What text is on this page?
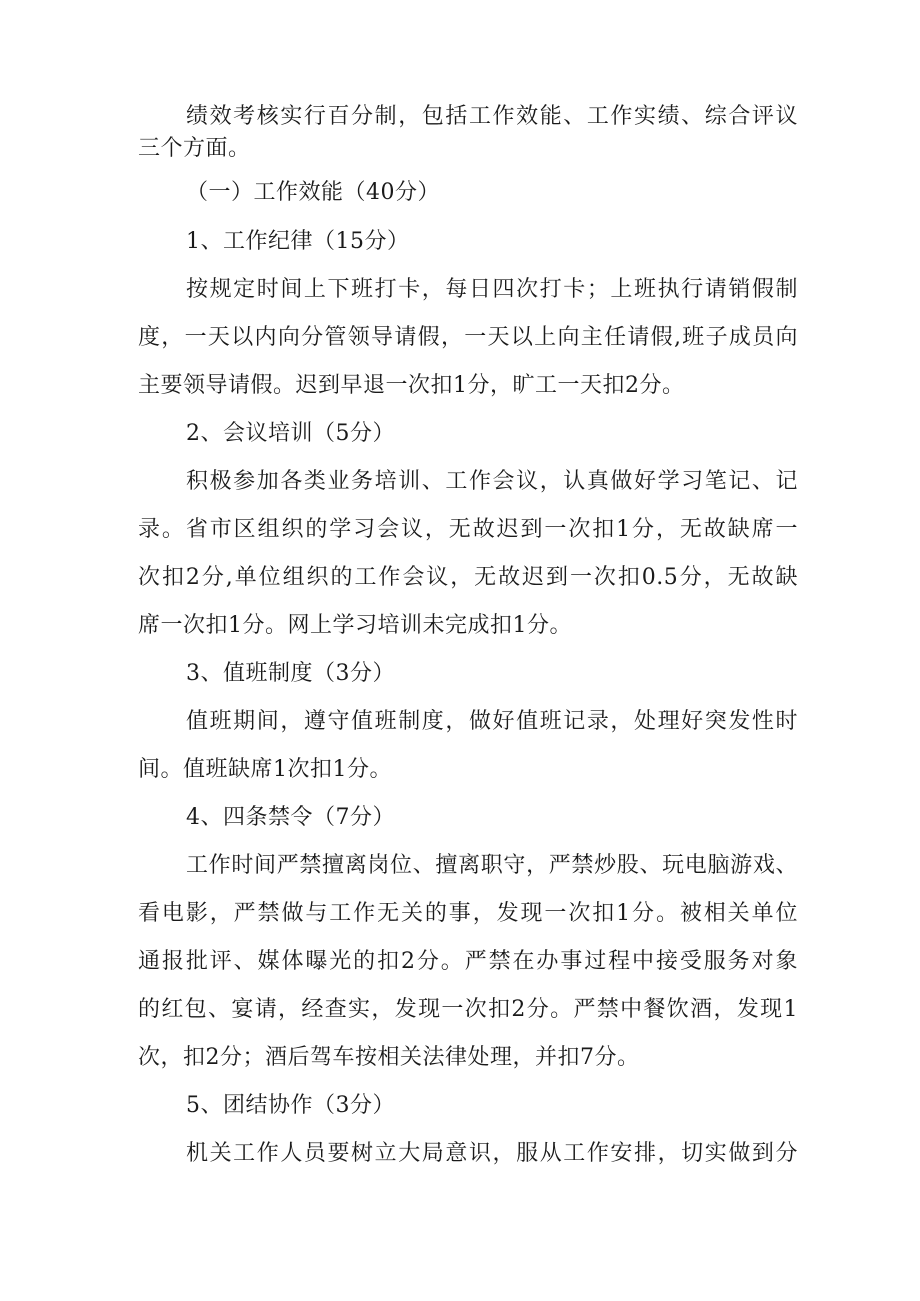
绩效考核实行百分制，包括工作效能、工作实绩、综合评议
三个方面。
（一）工作效能（40分）
1、工作纪律（15分）
按规定时间上下班打卡，每日四次打卡；上班执行请销假制
度，一天以内向分管领导请假，一天以上向主任请假,班子成员向
主要领导请假。迟到早退一次扣1分，旷工一天扣2分。
2、会议培训（5分）
积极参加各类业务培训、工作会议，认真做好学习笔记、记
录。省市区组织的学习会议，无故迟到一次扣1分，无故缺席一
次扣2分,单位组织的工作会议，无故迟到一次扣0.5分，无故缺
席一次扣1分。网上学习培训未完成扣1分。
3、值班制度（3分）
值班期间，遵守值班制度，做好值班记录，处理好突发性时
间。值班缺席1次扣1分。
4、四条禁令（7分）
工作时间严禁擅离岗位、擅离职守，严禁炒股、玩电脑游戏、
看电影，严禁做与工作无关的事，发现一次扣1分。被相关单位
通报批评、媒体曝光的扣2分。严禁在办事过程中接受服务对象
的红包、宴请，经查实，发现一次扣2分。严禁中餐饮酒，发现1
次，扣2分；酒后驾车按相关法律处理，并扣7分。
5、团结协作（3分）
机关工作人员要树立大局意识，服从工作安排，切实做到分
